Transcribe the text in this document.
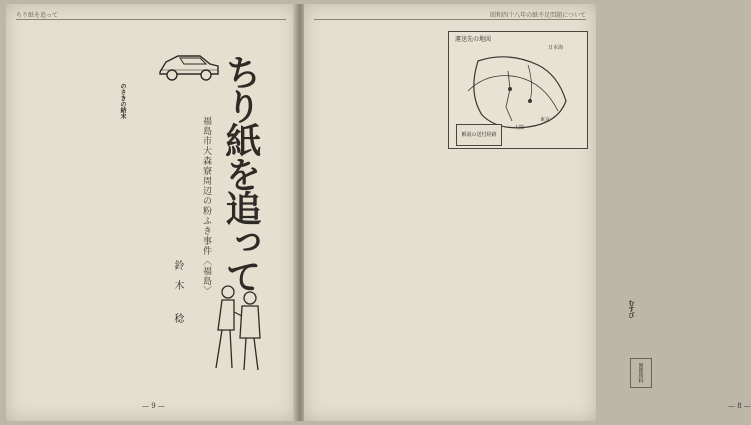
ちり紙を追って
ちり紙を追って
福島市大森寮周辺の粉ふき事件〈福島〉
鈴木 稔
のさきの結末
— 9 —
昭和四十八年の紙不足問題について
むすび
関係資料
— 8 —
運送先の地図
日本海
東京
大阪
解説の送付経路
